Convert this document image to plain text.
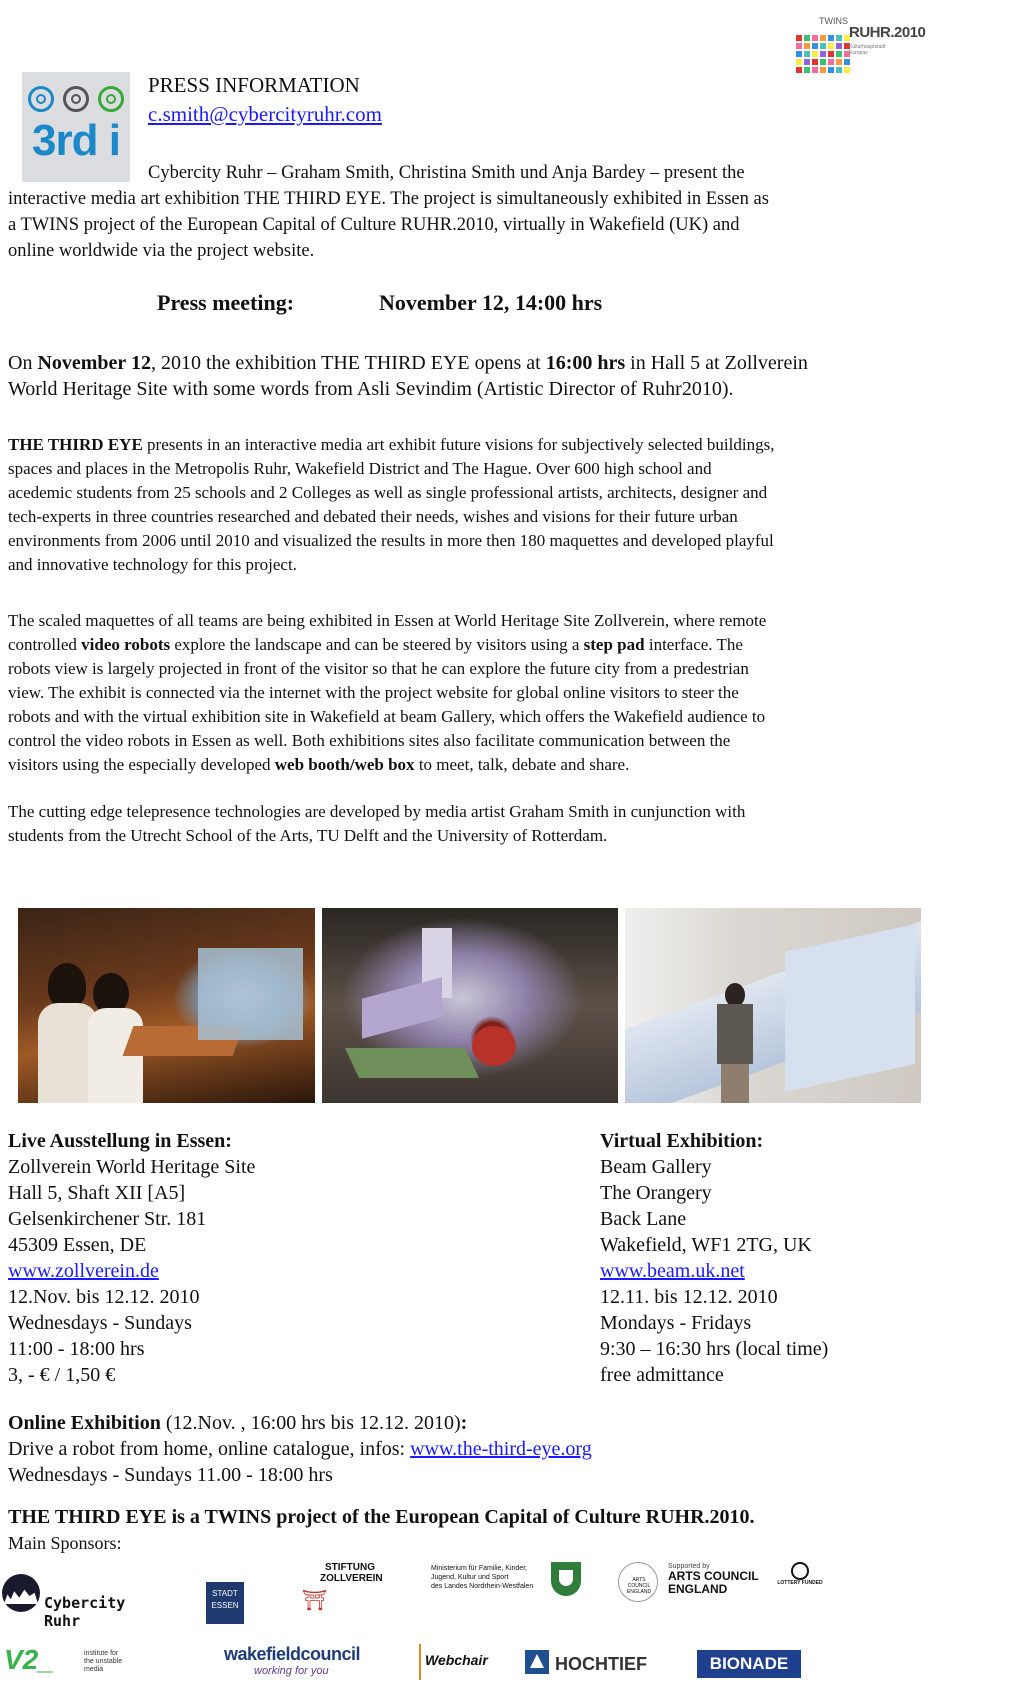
3rd i
TWINS
RUHR.2010
Kulturhauptstadt Europas
PRESS INFORMATION
c.smith@cybercityruhr.com

Cybercity Ruhr – Graham Smith, Christina Smith und Anja Bardey – present the

interactive media art exhibition THE THIRD EYE. The project is simultaneously exhibited in Essen as

a TWINS project of the European Capital of Culture RUHR.2010, virtually in Wakefield (UK) and

online worldwide via the project website.

Press meeting:	November 12, 14:00 hrs

On November 12, 2010 the exhibition THE THIRD EYE opens at 16:00 hrs in Hall 5 at Zollverein

World Heritage Site with some words from Asli Sevindim (Artistic Director of Ruhr2010).

THE THIRD EYE presents in an interactive media art exhibit future visions for subjectively selected buildings,

spaces and places in the Metropolis Ruhr, Wakefield District and The Hague. Over 600 high school and

acedemic students from 25 schools and 2 Colleges as well as single professional artists, architects, designer and

tech-experts in three countries researched and debated their needs, wishes and visions for their future urban

environments from 2006 until 2010 and visualized the results in more then 180 maquettes and developed playful

and innovative technology for this project.

The scaled maquettes of all teams are being exhibited in Essen at World Heritage Site Zollverein, where remote

controlled video robots explore the landscape and can be steered by visitors using a step pad interface. The

robots view is largely projected in front of the visitor so that he can explore the future city from a predestrian

view. The exhibit is connected via the internet with the project website for global online visitors to steer the

robots and with the virtual exhibition site in Wakefield at beam Gallery, which offers the Wakefield audience to

control the video robots in Essen as well. Both exhibitions sites also facilitate communication between the

visitors using the especially developed web booth/web box to meet, talk, debate and share.

The cutting edge telepresence technologies are developed by media artist Graham Smith in cunjunction with

students from the Utrecht School of the Arts, TU Delft and the University of Rotterdam.

Live Ausstellung in Essen:

Zollverein World Heritage Site

Hall 5, Shaft XII [A5]

Gelsenkirchener Str. 181

45309 Essen, DE

www.zollverein.de

12.Nov. bis 12.12. 2010

Wednesdays - Sundays

11:00 - 18:00 hrs

3, - € / 1,50 €

Virtual Exhibition:

Beam Gallery

The Orangery

Back Lane

Wakefield, WF1 2TG, UK

www.beam.uk.net

12.11. bis 12.12. 2010

Mondays - Fridays

9:30 – 16:30 hrs (local time)

free admittance

Online Exhibition (12.Nov. , 16:00 hrs bis 12.12. 2010):

Drive a robot from home, online catalogue, infos: www.the-third-eye.org

Wednesdays - Sundays 11.00 - 18:00 hrs

THE THIRD EYE is a TWINS project of the European Capital of Culture RUHR.2010.
Main Sponsors:
Cybercity Ruhr
STADT
ESSEN
STIFTUNG
ZOLLVEREIN
⛩
Ministerium für Familie, Kinder,
Jugend, Kultur und Sport
des Landes Nordrhein-Westfalen
ARTS COUNCIL ENGLAND
Supported by
ARTS COUNCIL
ENGLAND	LOTTERY FUNDED
V2_	institute for
the unstable
media
wakefieldcouncil
working for you
Webchair	HOCHTIEF	BIONADE
